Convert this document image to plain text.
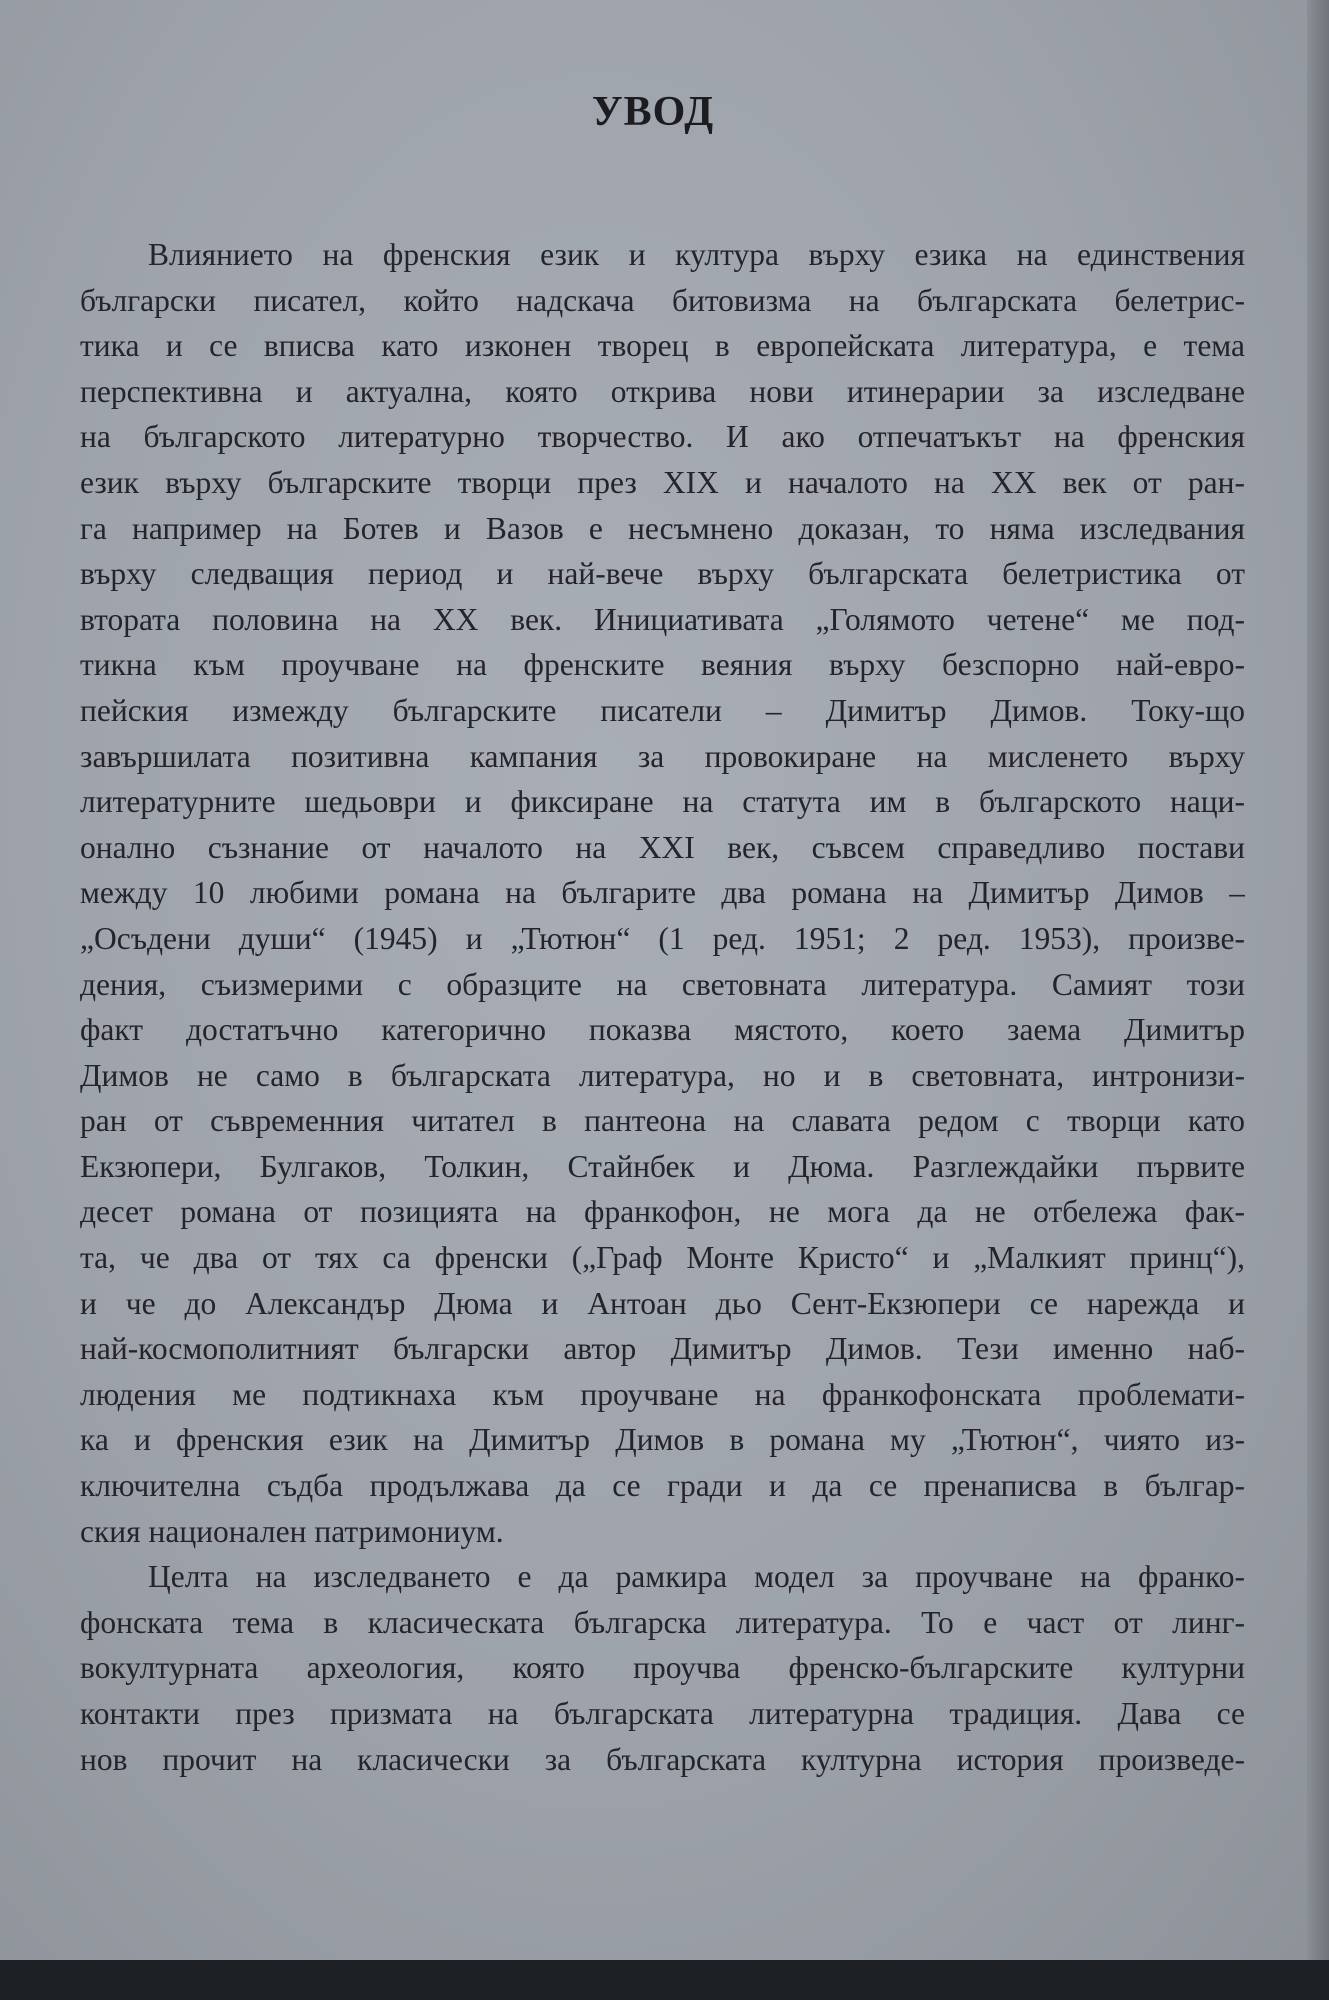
УВОД
Влиянието на френския език и култура върху езика на единствения
български писател, който надскача битовизма на българската белетрис-
тика и се вписва като изконен творец в европейската литература, е тема
перспективна и актуална, която открива нови итинерарии за изследване
на българското литературно творчество. И ако отпечатъкът на френския
език върху българските творци през XIX и началото на XX век от ран-
га например на Ботев и Вазов е несъмнено доказан, то няма изследвания
върху следващия период и най-вече върху българската белетристика от
втората половина на XX век. Инициативата „Голямото четене“ ме под-
тикна към проучване на френските веяния върху безспорно най-евро-
пейския измежду българските писатели – Димитър Димов. Току-що
завършилата позитивна кампания за провокиране на мисленето върху
литературните шедьоври и фиксиране на статута им в българското наци-
онално съзнание от началото на XXI век, съвсем справедливо постави
между 10 любими романа на българите два романа на Димитър Димов –
„Осъдени души“ (1945) и „Тютюн“ (1 ред. 1951; 2 ред. 1953), произве-
дения, съизмерими с образците на световната литература. Самият този
факт достатъчно категорично показва мястото, което заема Димитър
Димов не само в българската литература, но и в световната, интронизи-
ран от съвременния читател в пантеона на славата редом с творци като
Екзюпери, Булгаков, Толкин, Стайнбек и Дюма. Разглеждайки първите
десет романа от позицията на франкофон, не мога да не отбележа фак-
та, че два от тях са френски („Граф Монте Кристо“ и „Малкият принц“),
и че до Александър Дюма и Антоан дьо Сент-Екзюпери се нарежда и
най-космополитният български автор Димитър Димов. Тези именно наб-
людения ме подтикнаха към проучване на франкофонската проблемати-
ка и френския език на Димитър Димов в романа му „Тютюн“, чиято из-
ключителна съдба продължава да се гради и да се пренаписва в българ-
ския национален патримониум.
Целта на изследването е да рамкира модел за проучване на франко-
фонската тема в класическата българска литература. То е част от линг-
вокултурната археология, която проучва френско-българските културни
контакти през призмата на българската литературна традиция. Дава се
нов прочит на класически за българската културна история произведе-
